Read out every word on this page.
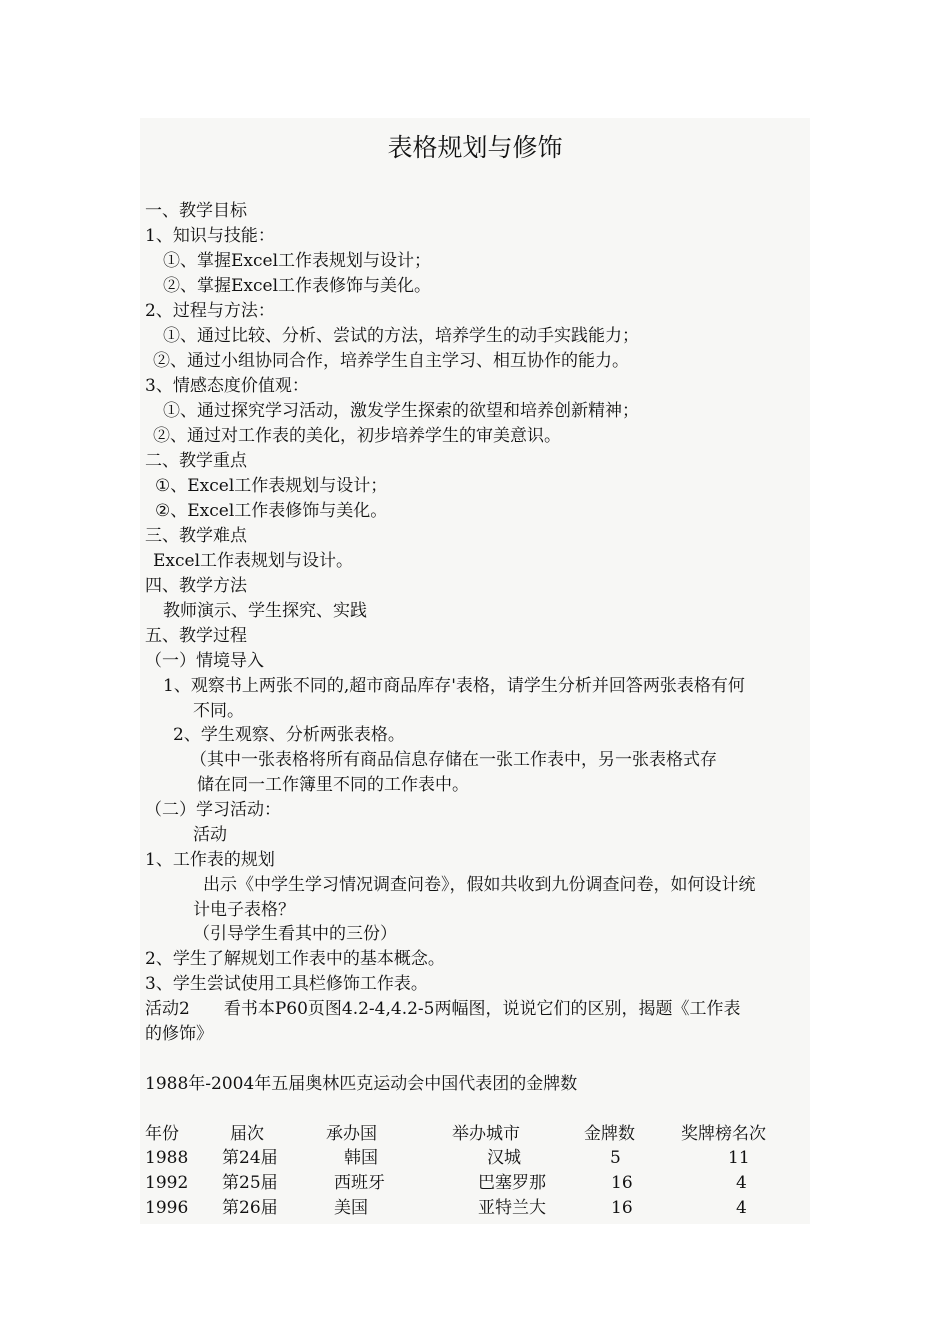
表格规划与修饰
一、教学目标
1、知识与技能：
①、掌握Excel工作表规划与设计；
②、掌握Excel工作表修饰与美化。
2、过程与方法：
①、通过比较、分析、尝试的方法，培养学生的动手实践能力；
②、通过小组协同合作，培养学生自主学习、相互协作的能力。
3、情感态度价值观：
①、通过探究学习活动，激发学生探索的欲望和培养创新精神；
②、通过对工作表的美化，初步培养学生的审美意识。
二、教学重点
①、Excel工作表规划与设计；
②、Excel工作表修饰与美化。
三、教学难点
Excel工作表规划与设计。
四、教学方法
教师演示、学生探究、实践
五、教学过程
（一）情境导入
1、观察书上两张不同的,超市商品库存'表格，请学生分析并回答两张表格有何
不同。
2、学生观察、分析两张表格。
（其中一张表格将所有商品信息存储在一张工作表中，另一张表格式存
储在同一工作簿里不同的工作表中。
（二）学习活动：
活动
1、工作表的规划
出示《中学生学习情况调查问卷》，假如共收到九份调查问卷，如何设计统
计电子表格？
（引导学生看其中的三份）
2、学生了解规划工作表中的基本概念。
3、学生尝试使用工具栏修饰工作表。
活动2　　看书本P60页图4.2-4,4.2-5两幅图，说说它们的区别，揭题《工作表
的修饰》
1988年-2004年五届奥林匹克运动会中国代表团的金牌数
年份	届次	承办国	举办城市	金牌数	奖牌榜名次
1988 第24届	韩国	汉城	5	11
1992 第25届	西班牙	巴塞罗那	16	4
1996 第26届	美国	亚特兰大	16	4
